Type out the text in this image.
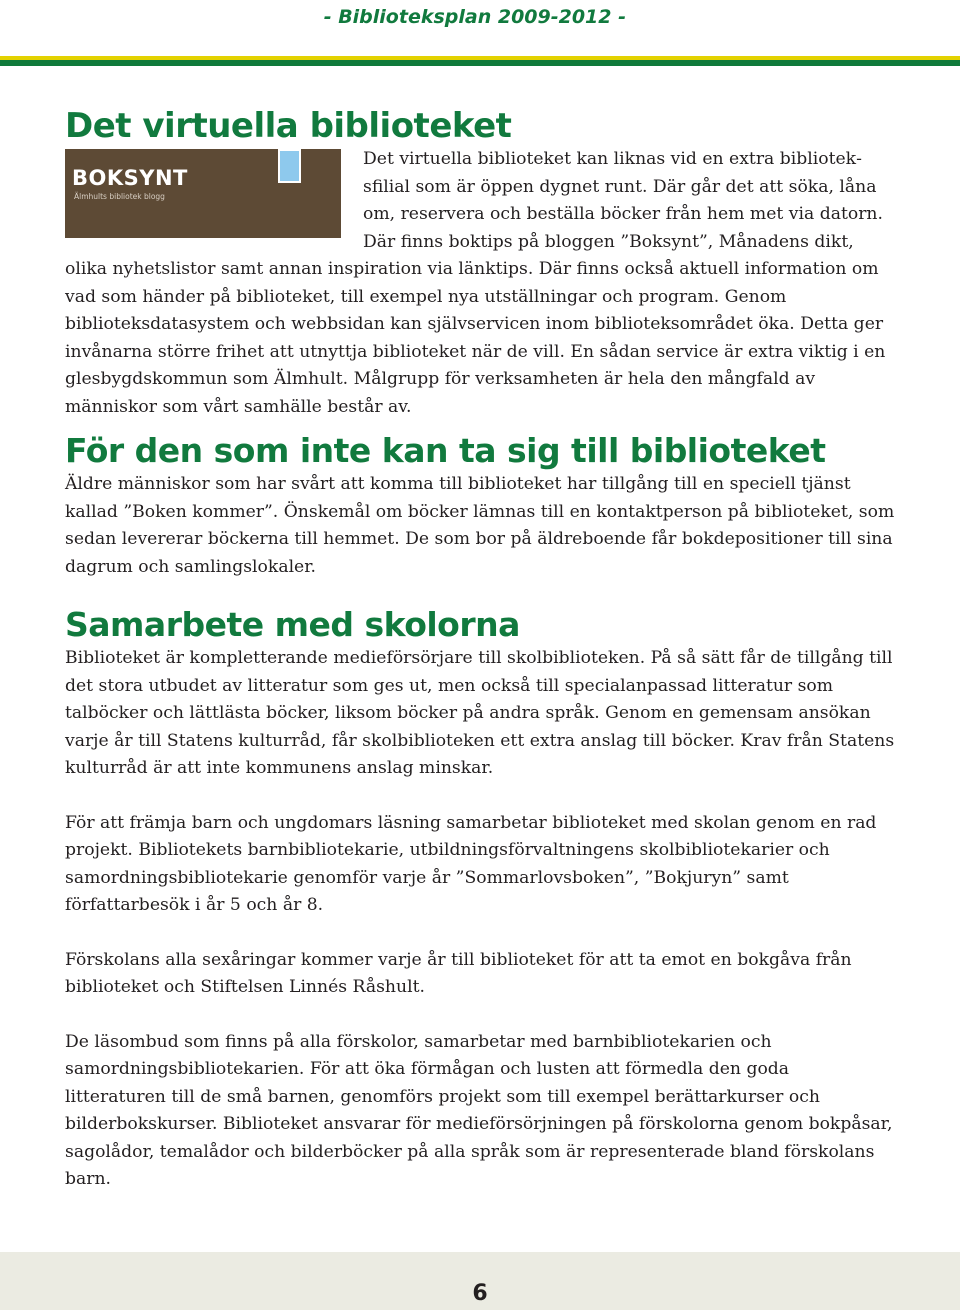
- Biblioteksplan 2009-2012 -
Det virtuella biblioteket
BOKSYNT
Älmhults bibliotek blogg

Det virtuella biblioteket kan liknas vid en extra biblioteksfilial som är öppen dygnet runt. Där går det att söka, låna om, reservera och beställa böcker från hem met via datorn. Där finns boktips på bloggen ”Boksynt”, Månadens dikt, olika nyhetslistor samt annan inspiration via länktips. Där finns också aktuell information om vad som händer på biblioteket, till exempel nya utställningar och program. Genom biblioteksdatasystem och webbsidan kan självservicen inom biblioteksområdet öka. Detta ger invånarna större frihet att utnyttja biblioteket när de vill. En sådan service är extra viktig i en glesbygdskommun som Älmhult. Målgrupp för verksamheten är hela den mångfald av människor som vårt samhälle består av.

För den som inte kan ta sig till biblioteket

Äldre människor som har svårt att komma till biblioteket har tillgång till en speciell tjänst kallad ”Boken kommer”. Önskemål om böcker lämnas till en kontaktperson på biblioteket, som sedan levererar böckerna till hemmet. De som bor på äldreboende får bokdepositioner till sina dagrum och samlingslokaler.

Samarbete med skolorna

Biblioteket är kompletterande medieförsörjare till skolbiblioteken. På så sätt får de tillgång till det stora utbudet av litteratur som ges ut, men också till specialanpassad litteratur som talböcker och lättlästa böcker, liksom böcker på andra språk. Genom en gemensam ansökan varje år till Statens kulturråd, får skolbiblioteken ett extra anslag till böcker. Krav från Statens kulturråd är att inte kommunens anslag minskar.

För att främja barn och ungdomars läsning samarbetar biblioteket med skolan genom en rad projekt. Bibliotekets barnbibliotekarie, utbildningsförvaltningens skolbibliotekarier och samordningsbibliotekarie genomför varje år ”Sommarlovsboken”, ”Bokjuryn” samt författarbesök i år 5 och år 8.

Förskolans alla sexåringar kommer varje år till biblioteket för att ta emot en bokgåva från biblioteket och Stiftelsen Linnés Råshult.

De läsombud som finns på alla förskolor, samarbetar med barnbibliotekarien och samordningsbibliotekarien. För att öka förmågan och lusten att förmedla den goda litteraturen till de små barnen, genomförs projekt som till exempel berättarkurser och bilderbokskurser. Biblioteket ansvarar för medieförsörjningen på förskolorna genom bokpåsar, sagolådor, temalådor och bilderböcker på alla språk som är representerade bland förskolans barn.

6
